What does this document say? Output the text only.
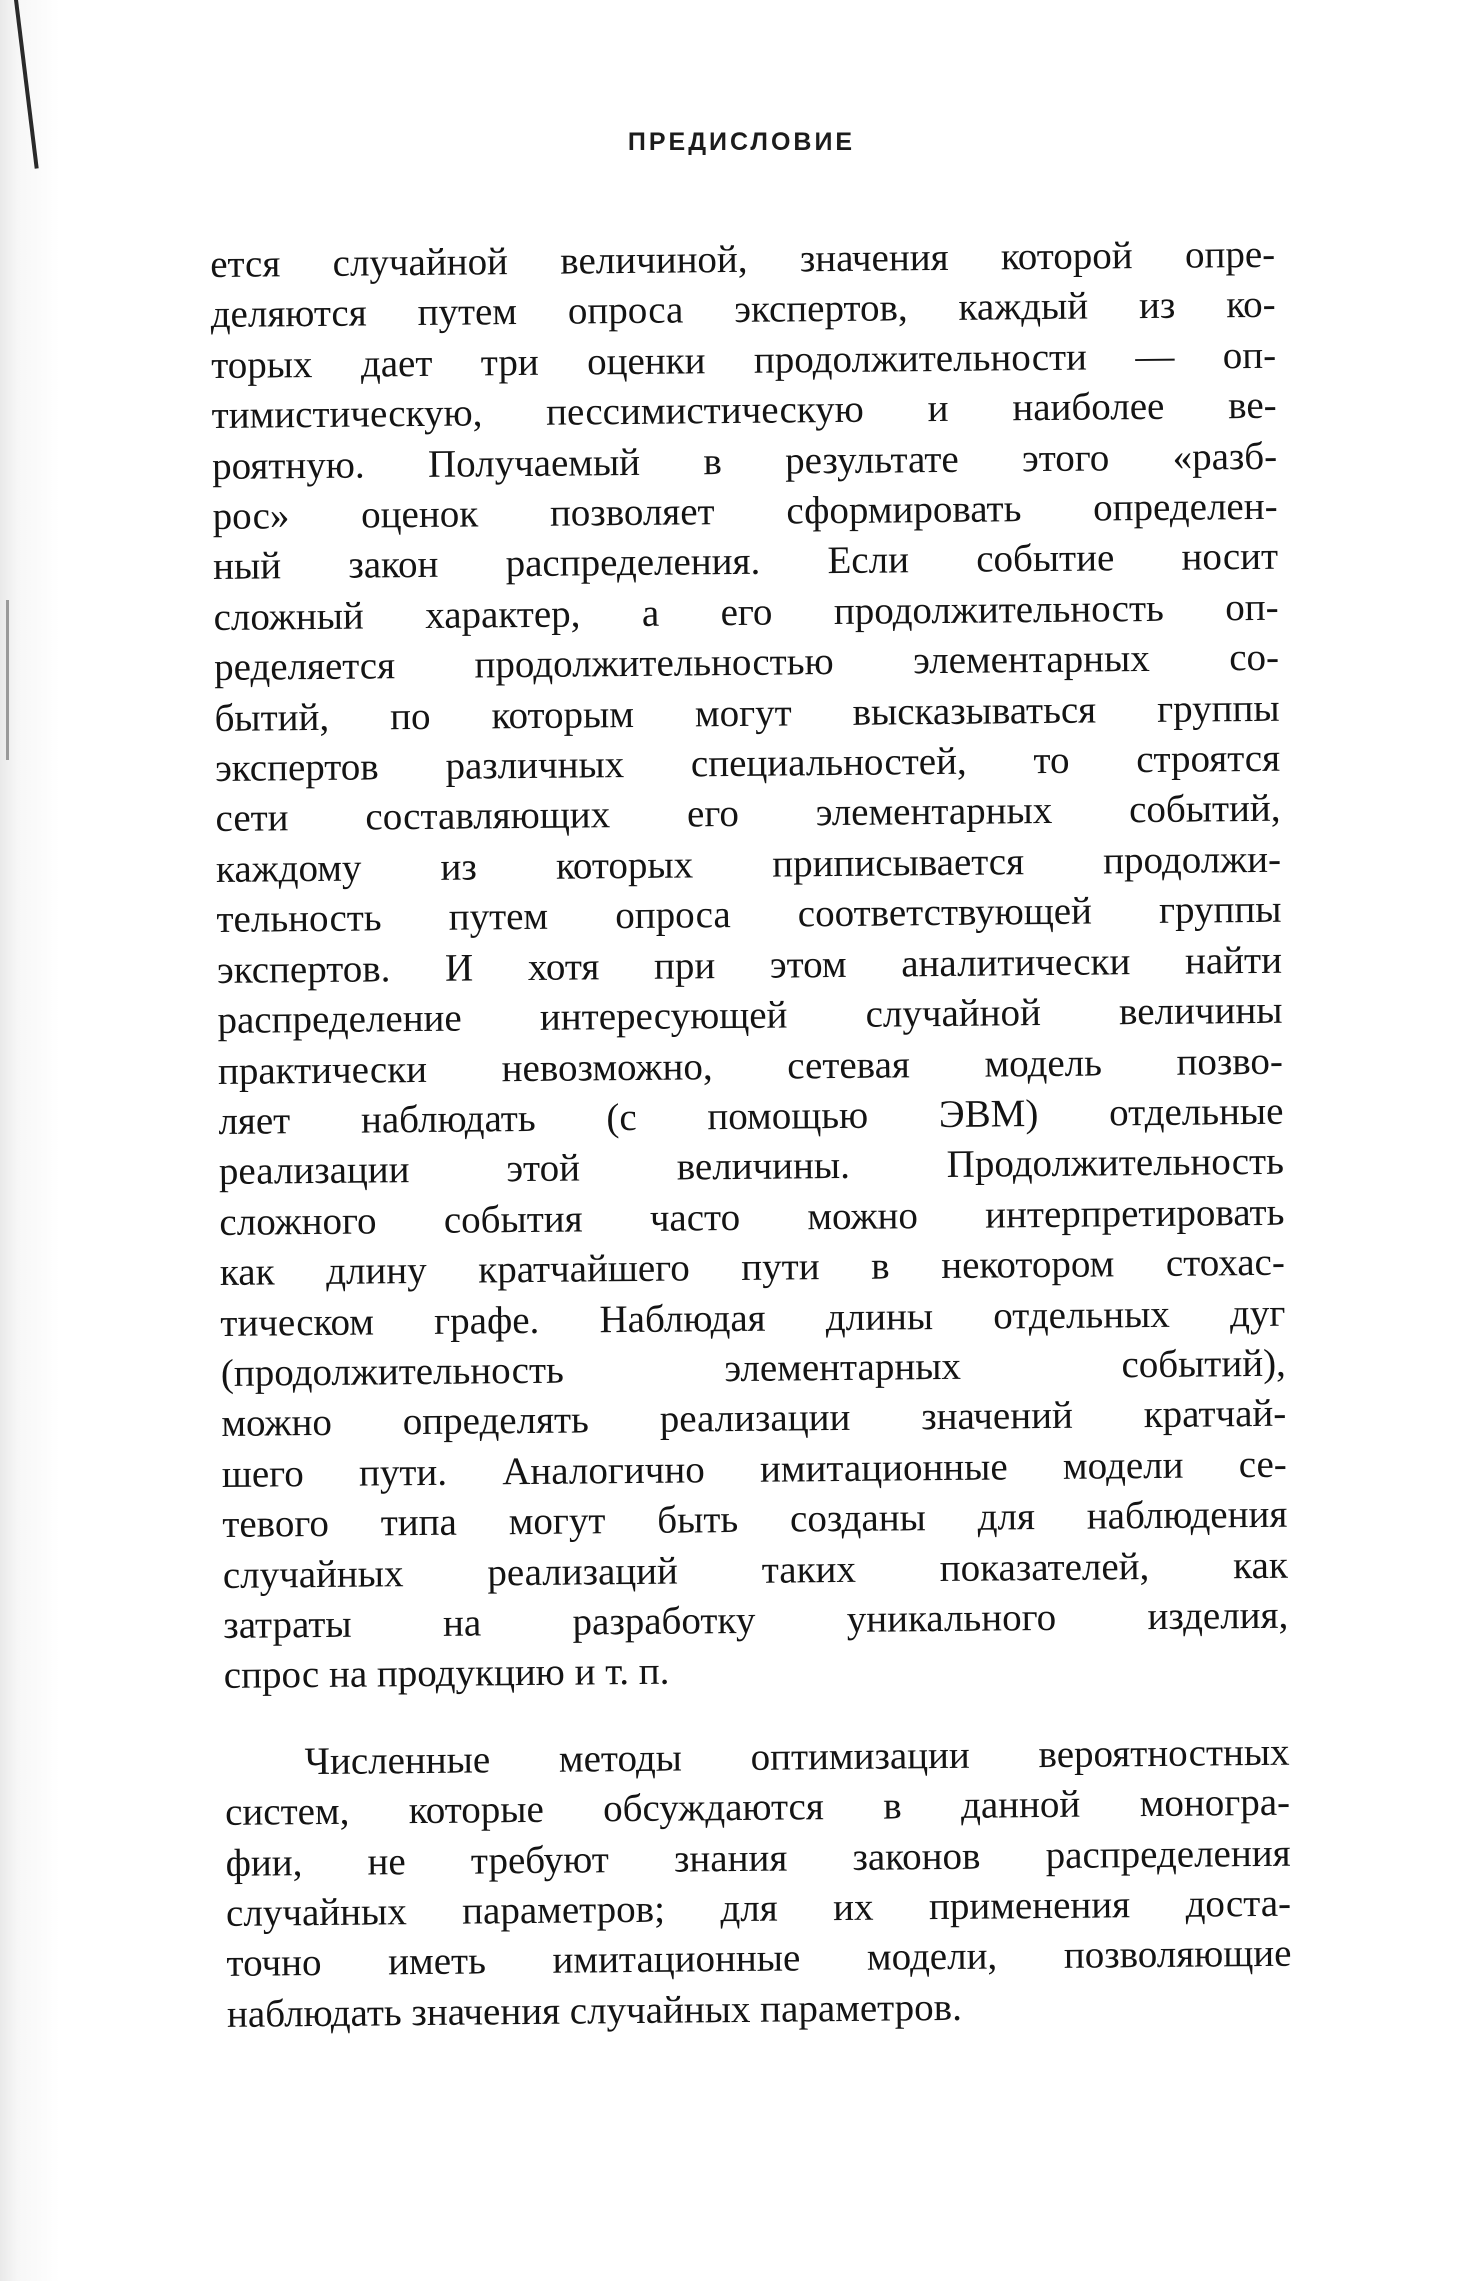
ПРЕДИСЛОВИЕ

ется случайной величиной, значения которой опре-

деляются путем опроса экспертов, каждый из ко-

торых дает три оценки продолжительности — оп-

тимистическую, пессимистическую и наиболее ве-

роятную. Получаемый в результате этого «разб-

рос» оценок позволяет сформировать определен-

ный закон распределения. Если событие носит

сложный характер, а его продолжительность оп-

ределяется продолжительностью элементарных со-

бытий, по которым могут высказываться группы

экспертов различных специальностей, то строятся

сети составляющих его элементарных событий,

каждому из которых приписывается продолжи-

тельность путем опроса соответствующей группы

экспертов. И хотя при этом аналитически найти

распределение интересующей случайной величины

практически невозможно, сетевая модель позво-

ляет наблюдать (с помощью ЭВМ) отдельные

реализации этой величины. Продолжительность

сложного события часто можно интерпретировать

как длину кратчайшего пути в некотором стохас-

тическом графе. Наблюдая длины отдельных дуг

(продолжительность элементарных событий),

можно определять реализации значений кратчай-

шего пути. Аналогично имитационные модели се-

тевого типа могут быть созданы для наблюдения

случайных реализаций таких показателей, как

затраты на разработку уникального изделия,

спрос на продукцию и т. п.

Численные методы оптимизации вероятностных

систем, которые обсуждаются в данной моногра-

фии, не требуют знания законов распределения

случайных параметров; для их применения доста-

точно иметь имитационные модели, позволяющие

наблюдать значения случайных параметров.
